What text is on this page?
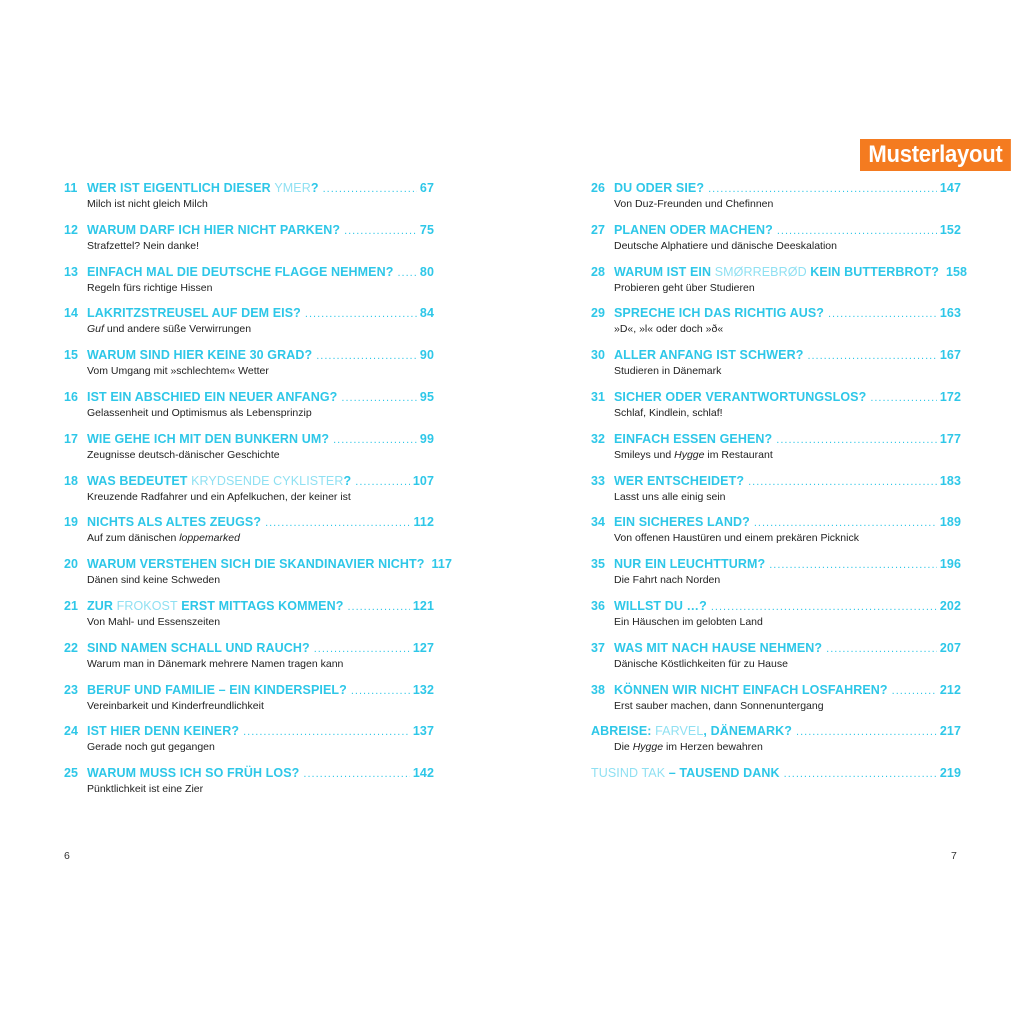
Musterlayout
11 WER IST EIGENTLICH DIESER YMER? .....	67
Milch ist nicht gleich Milch
12 WARUM DARF ICH HIER NICHT PARKEN? .....	75
Strafzettel? Nein danke!
13 EINFACH MAL DIE DEUTSCHE FLAGGE NEHMEN? ..... 80
Regeln fürs richtige Hissen
14 LAKRITZSTREUSEL AUF DEM EIS? .....	84
Guf und andere süße Verwirrungen
15 WARUM SIND HIER KEINE 30 GRAD? .....	90
Vom Umgang mit »schlechtem« Wetter
16 IST EIN ABSCHIED EIN NEUER ANFANG? .....	95
Gelassenheit und Optimismus als Lebensprinzip
17 WIE GEHE ICH MIT DEN BUNKERN UM? .....	99
Zeugnisse deutsch-dänischer Geschichte
18 WAS BEDEUTET KRYDSENDE CYKLISTER? .....	107
Kreuzende Radfahrer und ein Apfelkuchen, der keiner ist
19 NICHTS ALS ALTES ZEUGS? .....	112
Auf zum dänischen loppemarked
20 WARUM VERSTEHEN SICH DIE SKANDINAVIER NICHT? 117
Dänen sind keine Schweden
21 ZUR FROKOST ERST MITTAGS KOMMEN? .....	121
Von Mahl- und Essenszeiten
22 SIND NAMEN SCHALL UND RAUCH? .....	127
Warum man in Dänemark mehrere Namen tragen kann
23 BERUF UND FAMILIE – EIN KINDERSPIEL? .....	132
Vereinbarkeit und Kinderfreundlichkeit
24 IST HIER DENN KEINER? .....	137
Gerade noch gut gegangen
25 WARUM MUSS ICH SO FRÜH LOS? .....	142
Pünktlichkeit ist eine Zier
26 DU ODER SIE? .....	147
Von Duz-Freunden und Chefinnen
27 PLANEN ODER MACHEN? .....	152
Deutsche Alphatiere und dänische Deeskalation
28 WARUM IST EIN SMØRREBRØD KEIN BUTTERBROT? 158
Probieren geht über Studieren
29 SPRECHE ICH DAS RICHTIG AUS? .....	163
»D«, »l« oder doch »ð«
30 ALLER ANFANG IST SCHWER? .....	167
Studieren in Dänemark
31 SICHER ODER VERANTWORTUNGSLOS? .....	172
Schlaf, Kindlein, schlaf!
32 EINFACH ESSEN GEHEN? .....	177
Smileys und Hygge im Restaurant
33 WER ENTSCHEIDET? .....	183
Lasst uns alle einig sein
34 EIN SICHERES LAND? .....	189
Von offenen Haustüren und einem prekären Picknick
35 NUR EIN LEUCHTTURM? .....	196
Die Fahrt nach Norden
36 WILLST DU …? .....	202
Ein Häuschen im gelobten Land
37 WAS MIT NACH HAUSE NEHMEN? .....	207
Dänische Köstlichkeiten für zu Hause
38 KÖNNEN WIR NICHT EINFACH LOSFAHREN? .....	212
Erst sauber machen, dann Sonnenuntergang
ABREISE: FARVEL, DÄNEMARK? .....	217
Die Hygge im Herzen bewahren
TUSIND TAK – TAUSEND DANK .....	219
6	7
